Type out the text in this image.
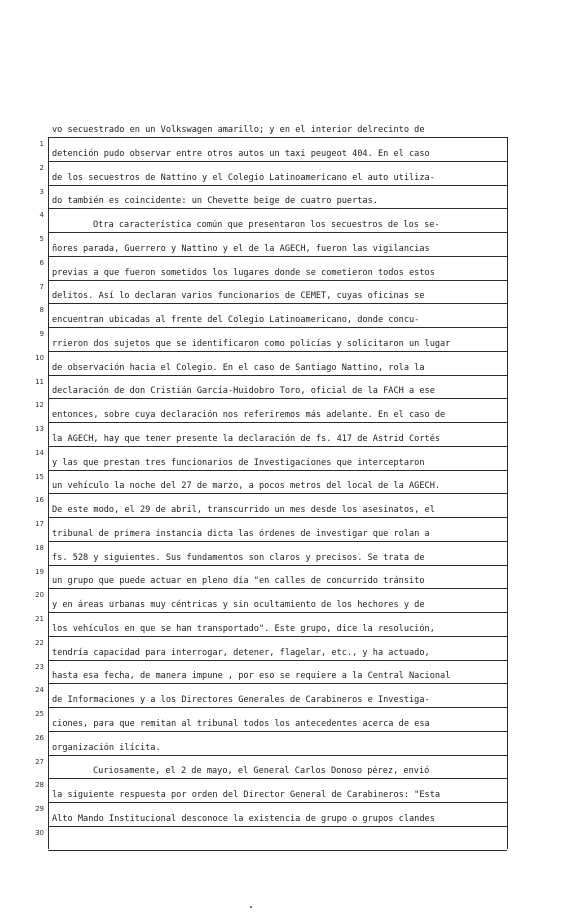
1
2
3
4
5
6
7
8
9
10
11
12
13
14
15
16
17
18
19
20
21
22
23
24
25
26
27
28
29
30
vo secuestrado en un Volkswagen amarillo; y en el interior delrecinto de
detención pudo observar entre otros autos un taxi peugeot 404. En el caso
de los secuestros de Nattino y el Colegio Latinoamericano el auto utiliza-
do también es coincidente: un Chevette beige de cuatro puertas.
Otra característica común que presentaron los secuestros de los se-
ñores parada, Guerrero y Nattino y el de la AGECH, fueron las vigilancias
previas a que fueron sometidos los lugares donde se cometieron todos estos
delitos. Así lo declaran varios funcionarios de CEMET, cuyas oficinas se
encuentran ubicadas al frente del Colegio Latinoamericano, donde concu-
rrieron dos sujetos que se identificaron como policías y solicitaron un lugar
de observación hacia el Colegio. En el caso de Santiago Nattino, rola la
declaración de don Cristián García-Huidobro Toro, oficial de la FACH a ese
entonces, sobre cuya declaración nos referiremos más adelante. En el caso de
la AGECH, hay que tener presente la declaración de fs. 417 de Astrid Cortés
y las que prestan tres funcionarios de Investigaciones que interceptaron
un vehículo la noche del 27 de marzo, a pocos metros del local de la AGECH.
De este modo, el 29 de abril, transcurrido un mes desde los asesinatos, el
tribunal de primera instancia dicta las órdenes de investigar que rolan a
fs. 528 y siguientes. Sus fundamentos son claros y precisos. Se trata de
un grupo que puede actuar en pleno día "en calles de concurrido tránsito
y en áreas urbanas muy céntricas y sin ocultamiento de los hechores y de
los vehículos en que se han transportado". Este grupo, dice la resolución,
tendría capacidad para interrogar, detener, flagelar, etc., y ha actuado,
hasta esa fecha, de manera impune , por eso se requiere a la Central Nacional
de Informaciones y a los Directores Generales de Carabineros e Investiga-
ciones, para que remitan al tribunal todos los antecedentes acerca de esa
organización ilícita.
Curiosamente, el 2 de mayo, el General Carlos Donoso pérez, envió
la siguiente respuesta por orden del Director General de Carabineros: "Esta
Alto Mando Institucional desconoce la existencia de grupo o grupos clandes
